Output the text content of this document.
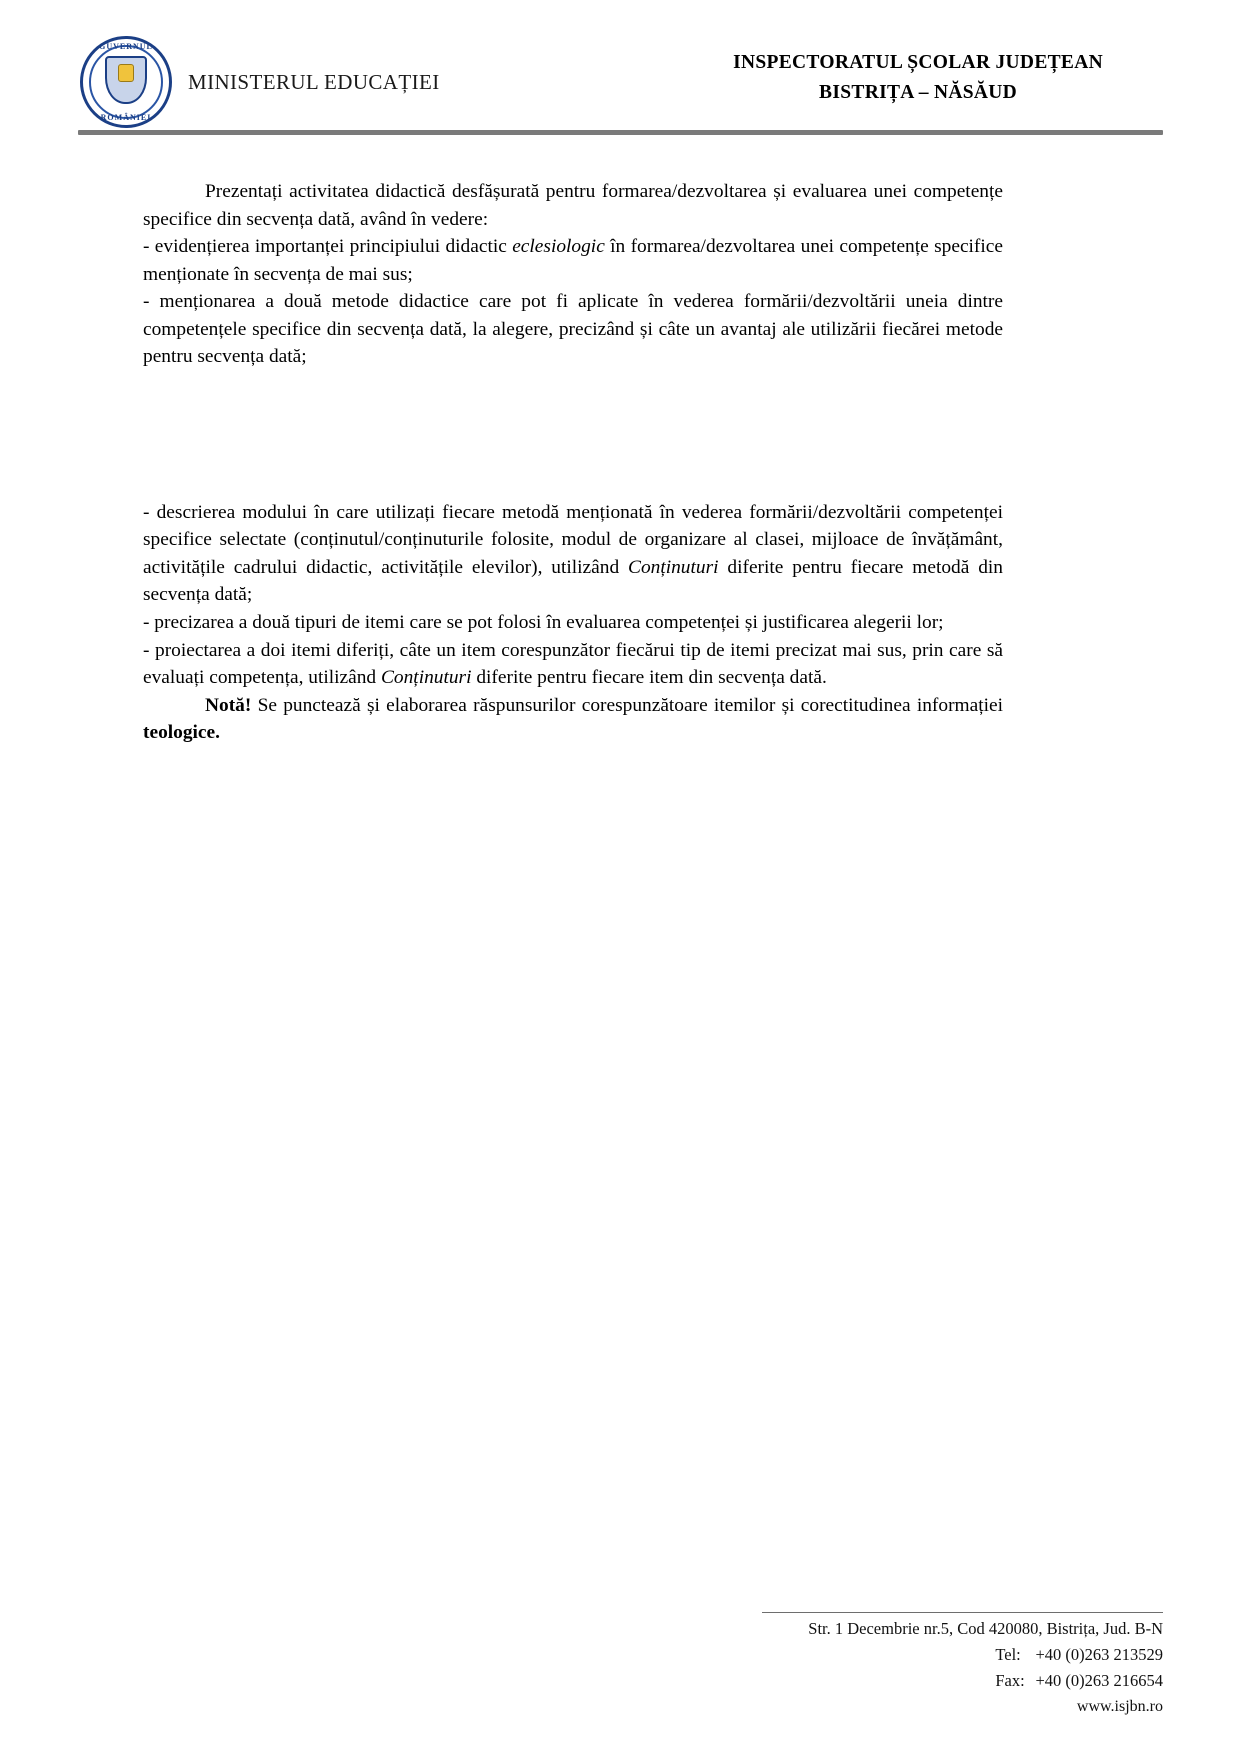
GUVERNUL
ROMÂNIEI
MINISTERUL EDUCAȚIEI
INSPECTORATUL ȘCOLAR JUDEȚEAN
BISTRIȚA – NĂSĂUD

Prezentați activitatea didactică desfășurată pentru formarea/dezvoltarea și evaluarea unei competențe specifice din secvența dată, având în vedere:

- evidențierea importanței principiului didactic eclesiologic în formarea/dezvoltarea unei competențe specifice menționate în secvența de mai sus;

- menționarea a două metode didactice care pot fi aplicate în vederea formării/dezvoltării uneia dintre competențele specifice din secvența dată, la alegere, precizând și câte un avantaj ale utilizării fiecărei metode pentru secvența dată;

- descrierea modului în care utilizați fiecare metodă menționată în vederea formării/dezvoltării competenței specifice selectate (conținutul/conținuturile folosite, modul de organizare al clasei, mijloace de învățământ, activitățile cadrului didactic, activitățile elevilor), utilizând Conținuturi diferite pentru fiecare metodă din secvența dată;

- precizarea a două tipuri de itemi care se pot folosi în evaluarea competenței și justificarea alegerii lor;

- proiectarea a doi itemi diferiți, câte un item corespunzător fiecărui tip de itemi precizat mai sus, prin care să evaluați competența, utilizând Conținuturi diferite pentru fiecare item din secvența dată.

Notă! Se punctează și elaborarea răspunsurilor corespunzătoare itemilor și corectitudinea informației teologice.

Str. 1 Decembrie nr.5, Cod 420080, Bistrița, Jud. B-N
Tel: +40 (0)263 213529
Fax: +40 (0)263 216654
www.isjbn.ro
